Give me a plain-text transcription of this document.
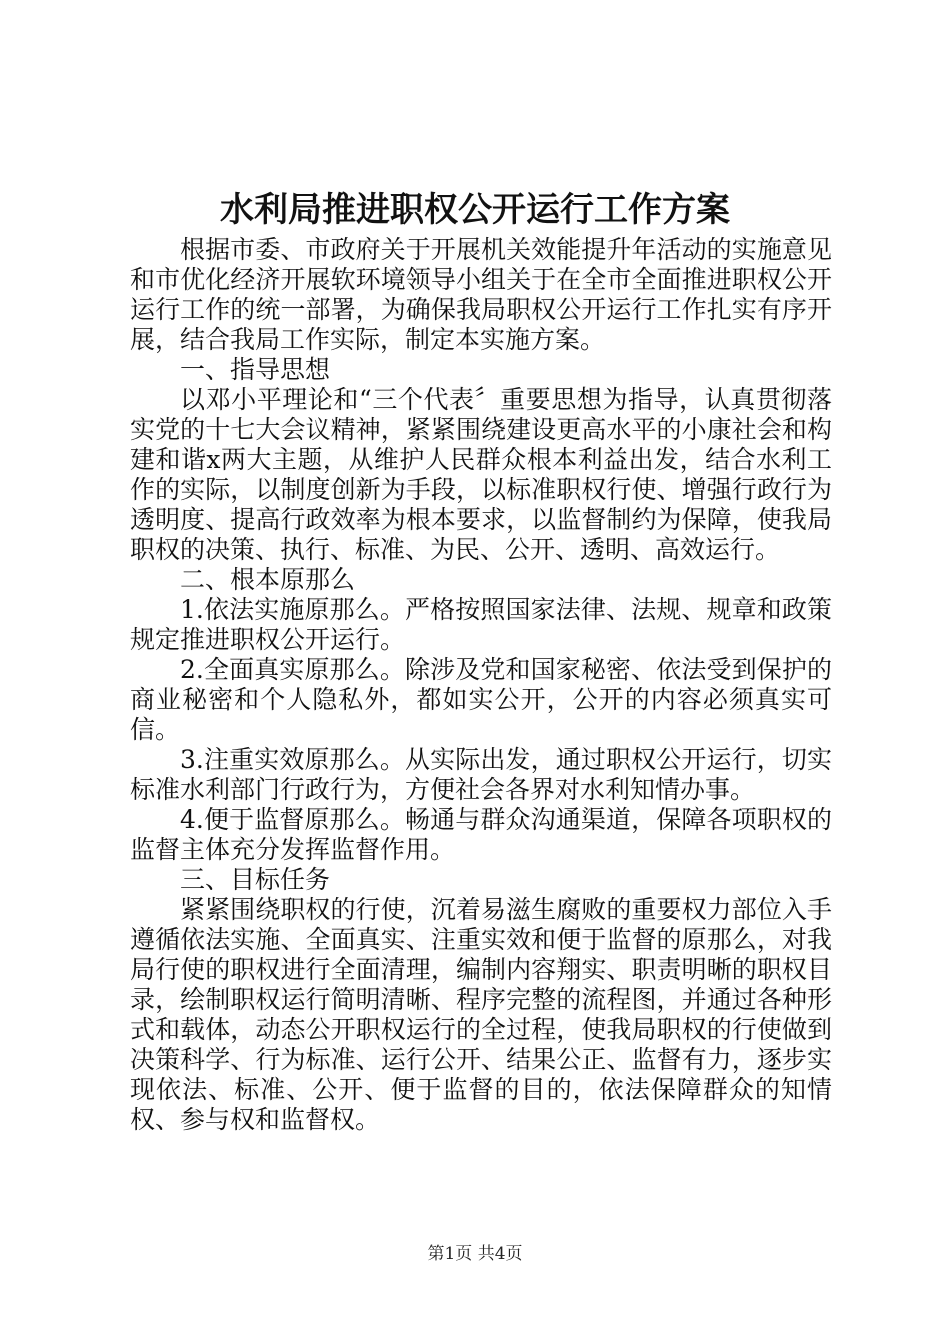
水利局推进职权公开运行工作方案

根据市委、市政府关于开展机关效能提升年活动的实施意见和市优化经济开展软环境领导小组关于在全市全面推进职权公开运行工作的统一部署，为确保我局职权公开运行工作扎实有序开展，结合我局工作实际，制定本实施方案。

一、指导思想

以邓小平理论和“三个代表〞重要思想为指导，认真贯彻落实党的十七大会议精神，紧紧围绕建设更高水平的小康社会和构建和谐x两大主题，从维护人民群众根本利益出发，结合水利工作的实际，以制度创新为手段，以标准职权行使、增强行政行为透明度、提高行政效率为根本要求，以监督制约为保障，使我局职权的决策、执行、标准、为民、公开、透明、高效运行。

二、根本原那么

1.依法实施原那么。严格按照国家法律、法规、规章和政策规定推进职权公开运行。

2.全面真实原那么。除涉及党和国家秘密、依法受到保护的商业秘密和个人隐私外，都如实公开，公开的内容必须真实可信。

3.注重实效原那么。从实际出发，通过职权公开运行，切实标准水利部门行政行为，方便社会各界对水利知情办事。

4.便于监督原那么。畅通与群众沟通渠道，保障各项职权的监督主体充分发挥监督作用。

三、目标任务

紧紧围绕职权的行使，沉着易滋生腐败的重要权力部位入手遵循依法实施、全面真实、注重实效和便于监督的原那么，对我局行使的职权进行全面清理，编制内容翔实、职责明晰的职权目录，绘制职权运行简明清晰、程序完整的流程图，并通过各种形式和载体，动态公开职权运行的全过程，使我局职权的行使做到决策科学、行为标准、运行公开、结果公正、监督有力，逐步实现依法、标准、公开、便于监督的目的，依法保障群众的知情权、参与权和监督权。

第1页 共4页
